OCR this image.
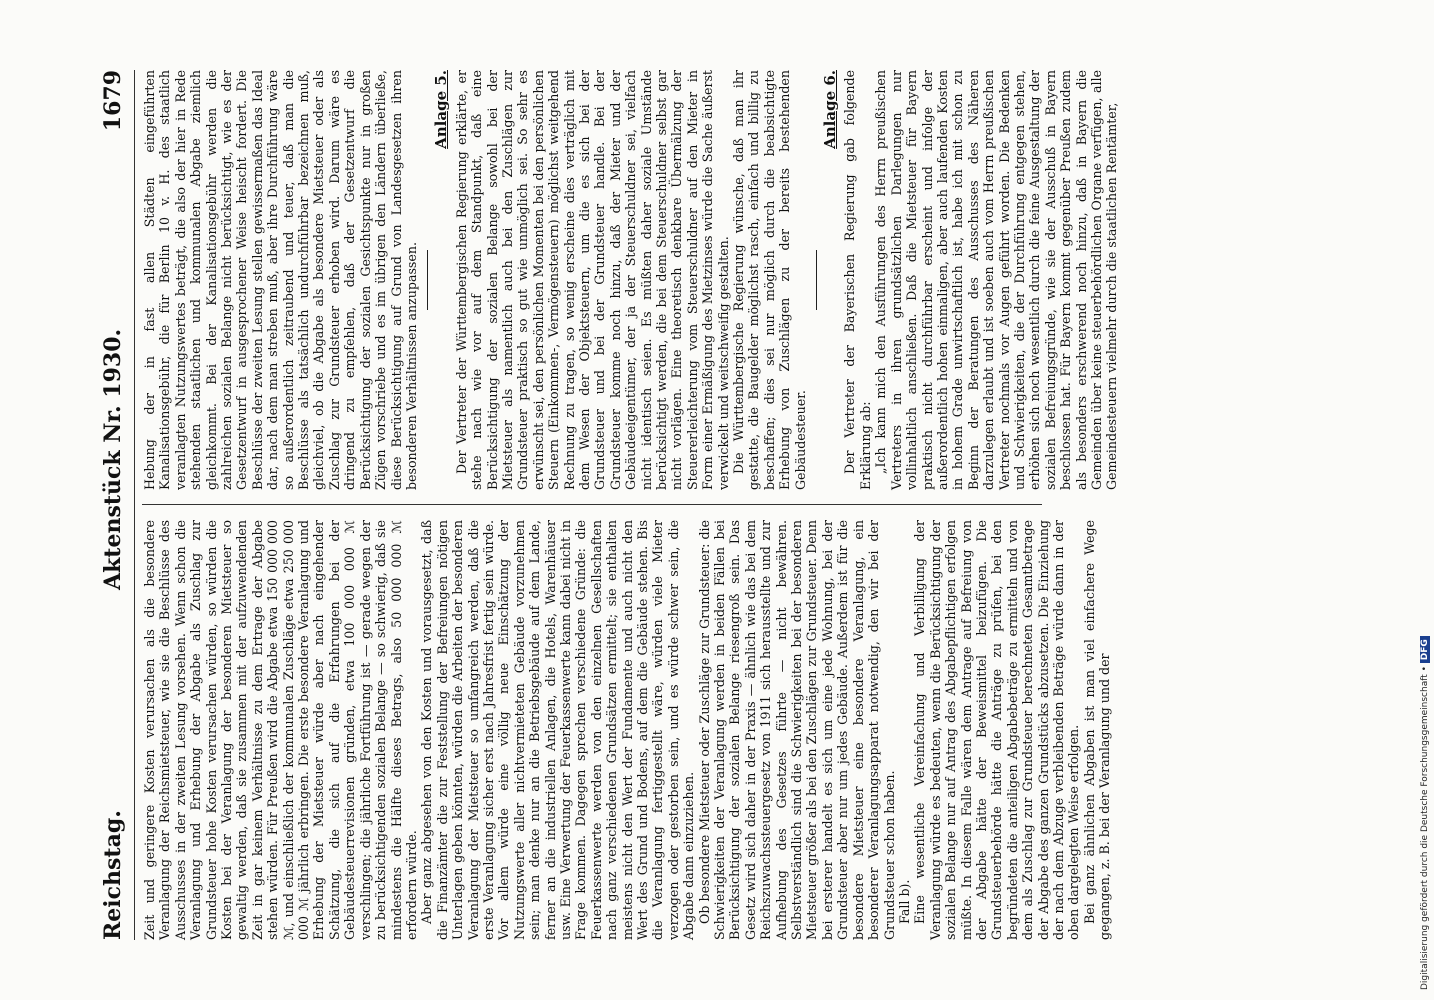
Reichstag.
Aktenstück Nr. 1930.
1679

Zeit und geringere Kosten verursachen als die besondere Veranlagung der Reichsmietsteuer, wie sie die Beschlüsse des Ausschusses in der zweiten Lesung vorsehen. Wenn schon die Veranlagung und Erhebung der Abgabe als Zuschlag zur Grundsteuer hohe Kosten verursachen würden, so würden die Kosten bei der Veranlagung der besonderen Mietsteuer so gewaltig werden, daß sie zusammen mit der aufzuwendenden Zeit in gar keinem Verhältnisse zu dem Ertrage der Abgabe stehen würden. Für Preußen wird die Abgabe etwa 150 000 000 ℳ, und einschließlich der kommunalen Zuschläge etwa 250 000 000 ℳ jährlich erbringen. Die erste besondere Veranlagung und Erhebung der Mietsteuer würde aber nach eingehender Schätzung, die sich auf die Erfahrungen bei der Gebäudesteuerrevisionen gründen, etwa 100 000 000 ℳ verschlingen; die jährliche Fortführung ist — gerade wegen der zu berücksichtigenden sozialen Belange — so schwierig, daß sie mindestens die Hälfte dieses Betrags, also 50 000 000 ℳ erfordern würde. Aber ganz abgesehen von den Kosten und vorausgesetzt, daß die Finanzämter die zur Feststellung der Befreiungen nötigen Unterlagen geben könnten, würden die Arbeiten der besonderen Veranlagung der Mietsteuer so umfangreich werden, daß die erste Veranlagung sicher erst nach Jahresfrist fertig sein würde. Vor allem würde eine völlig neue Einschätzung der Nutzungswerte aller nichtvermieteten Gebäude vorzunehmen sein; man denke nur an die Betriebsgebäude auf dem Lande, ferner an die industriellen Anlagen, die Hotels, Warenhäuser usw. Eine Verwertung der Feuerkassenwerte kann dabei nicht in Frage kommen. Dagegen sprechen verschiedene Gründe: die Feuerkassenwerte werden von den einzelnen Gesellschaften nach ganz verschiedenen Grundsätzen ermittelt; sie enthalten meistens nicht den Wert der Fundamente und auch nicht den Wert des Grund und Bodens, auf dem die Gebäude stehen. Bis die Veranlagung fertiggestellt wäre, würden viele Mieter verzogen oder gestorben sein, und es würde schwer sein, die Abgabe dann einzuziehen. Ob besondere Mietsteuer oder Zuschläge zur Grundsteuer: die Schwierigkeiten der Veranlagung werden in beiden Fällen bei Berücksichtigung der sozialen Belange riesengroß sein. Das Gesetz wird sich daher in der Praxis — ähnlich wie das bei dem Reichszuwachssteuergesetz von 1911 sich herausstellte und zur Aufhebung des Gesetzes führte — nicht bewähren. Selbstverständlich sind die Schwierigkeiten bei der besonderen Mietsteuer größer als bei den Zuschlägen zur Grundsteuer. Denn bei ersterer handelt es sich um eine jede Wohnung, bei der Grundsteuer aber nur um jedes Gebäude. Außerdem ist für die besondere Mietsteuer eine besondere Veranlagung, ein besonderer Veranlagungsapparat notwendig, den wir bei der Grundsteuer schon haben. Fall b). Eine wesentliche Vereinfachung und Verbilligung der Veranlagung würde es bedeuten, wenn die Berücksichtigung der sozialen Belange nur auf Antrag des Abgabepflichtigen erfolgen müßte. In diesem Falle wären dem Antrage auf Befreiung von der Abgabe hätte der Beweismittel beizufügen. Die Grundsteuerbehörde hätte die Anträge zu prüfen, bei den begründeten die anteiligen Abgabebeträge zu ermitteln und von dem als Zuschlag zur Grundsteuer berechneten Gesamtbetrage der Abgabe des ganzen Grundstücks abzusetzen. Die Einziehung der nach dem Abzuge verbleibenden Beträge würde dann in der oben dargelegten Weise erfolgen. Bei ganz ähnlichen Abgaben ist man viel einfachere Wege gegangen, z. B. bei der Veranlagung und der

Hebung der in fast allen Städten eingeführten Kanalisationsgebühr, die für Berlin 10 v. H. des staatlich veranlagten Nutzungswertes beträgt, die also der hier in Rede stehenden staatlichen und kommunalen Abgabe ziemlich gleichkommt. Bei der Kanalisationsgebühr werden die zahlreichen sozialen Belange nicht berücksichtigt, wie es der Gesetzentwurf in ausgesprochener Weise heischt fordert. Die Beschlüsse der zweiten Lesung stellen gewissermaßen das Ideal dar, nach dem man streben muß, aber ihre Durchführung wäre so außerordentlich zeitraubend und teuer, daß man die Beschlüsse als tatsächlich undurchführbar bezeichnen muß, gleichviel, ob die Abgabe als besondere Mietsteuer oder als Zuschlag zur Grundsteuer erhoben wird. Darum wäre es dringend zu empfehlen, daß der Gesetzentwurf die Berücksichtigung der sozialen Gesichtspunkte nur in großen Zügen vorschriebe und es im übrigen den Ländern überließe, diese Berücksichtigung auf Grund von Landesgesetzen ihren besonderen Verhältnissen anzupassen.

Anlage 5. Der Vertreter der Württembergischen Regierung erklärte, er stehe nach wie vor auf dem Standpunkt, daß eine Berücksichtigung der sozialen Belange sowohl bei der Mietsteuer als namentlich auch bei den Zuschlägen zur Grundsteuer praktisch so gut wie unmöglich sei. So sehr es erwünscht sei, den persönlichen Momenten bei den persönlichen Steuern (Einkommen-, Vermögensteuern) möglichst weitgehend Rechnung zu tragen, so wenig erscheine dies verträglich mit dem Wesen der Objektsteuern, um die es sich bei der Grundsteuer und bei der Grundsteuer handle. Bei der Grundsteuer komme noch hinzu, daß der Mieter und der Gebäudeeigentümer, der ja der Steuerschuldner sei, vielfach nicht identisch seien. Es müßten daher soziale Umstände berücksichtigt werden, die bei dem Steuerschuldner selbst gar nicht vorlägen. Eine theoretisch denkbare Übermälzung der Steuererleichterung vom Steuerschuldner auf den Mieter in Form einer Ermäßigung des Mietzinses würde die Sache äußerst verwickelt und weitschweifig gestalten. Die Württembergische Regierung wünsche, daß man ihr gestatte, die Baugelder möglichst rasch, einfach und billig zu beschaffen; dies sei nur möglich durch die beabsichtigte Erhebung von Zuschlägen zu der bereits bestehenden Gebäudesteuer.

Anlage 6. Der Vertreter der Bayerischen Regierung gab folgende Erklärung ab: „Ich kann mich den Ausführungen des Herrn preußischen Vertreters in ihren grundsätzlichen Darlegungen nur vollinhaltlich anschließen. Daß die Mietsteuer für Bayern praktisch nicht durchführbar erscheint und infolge der außerordentlich hohen einmaligen, aber auch laufenden Kosten in hohem Grade unwirtschaftlich ist, habe ich mit schon zu Beginn der Beratungen des Ausschusses des Näheren darzulegen erlaubt und ist soeben auch vom Herrn preußischen Vertreter nochmals vor Augen geführt worden. Die Bedenken und Schwierigkeiten, die der Durchführung entgegen stehen, erhöhen sich noch wesentlich durch die feine Ausgestaltung der sozialen Befreiungsgründe, wie sie der Ausschuß in Bayern beschlossen hat. Für Bayern kommt gegenüber Preußen zudem als besonders erschwerend noch hinzu, daß in Bayern die Gemeinden über keine steuerbehördlichen Organe verfügen, alle Gemeindesteuern vielmehr durch die staatlichen Rentämter,

Digitalisierung gefördert durch die Deutsche Forschungsgemeinschaft • DFG
